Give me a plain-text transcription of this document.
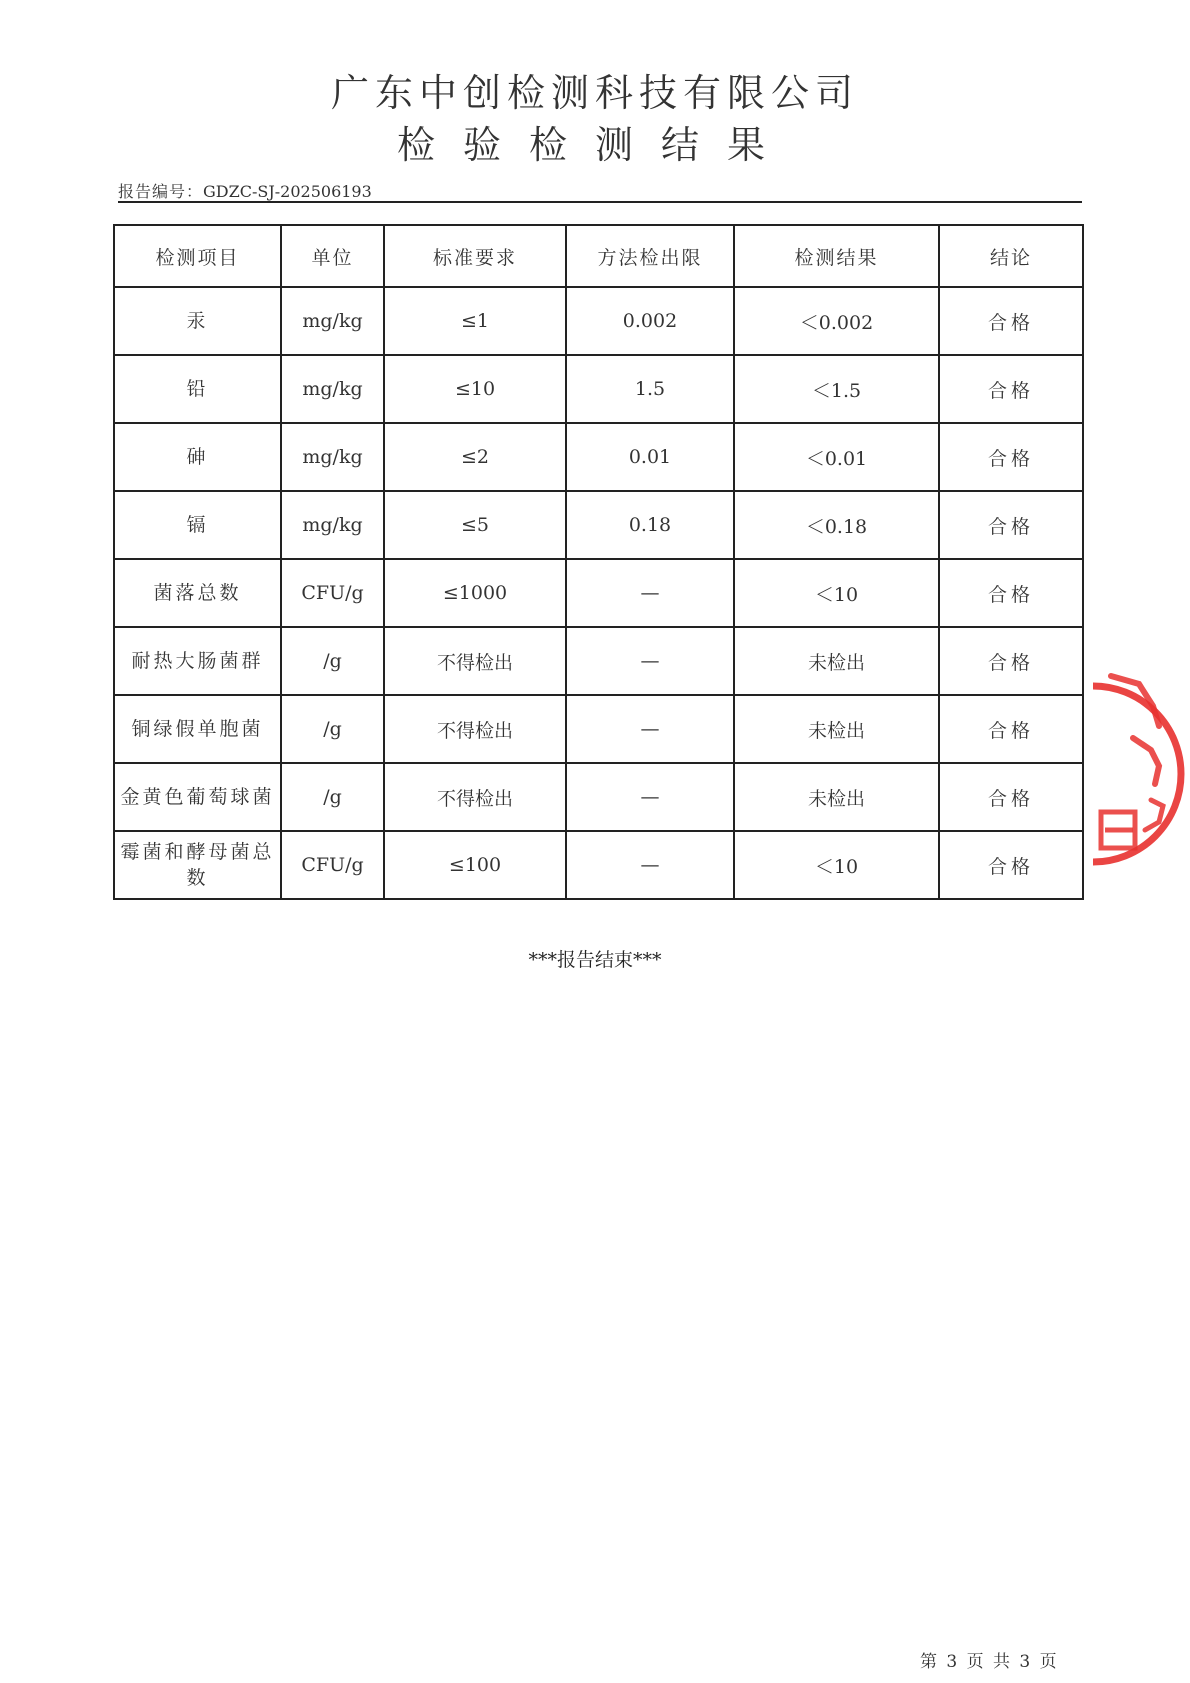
广东中创检测科技有限公司
检验检测结果
报告编号：GDZC-SJ-202506193
检测项目	单位	标准要求	方法检出限	检测结果	结论
汞	mg/kg	≤1	0.002	＜0.002	合格
铅	mg/kg	≤10	1.5	＜1.5	合格
砷	mg/kg	≤2	0.01	＜0.01	合格
镉	mg/kg	≤5	0.18	＜0.18	合格
菌落总数	CFU/g	≤1000	—	＜10	合格
耐热大肠菌群	/g	不得检出	—	未检出	合格
铜绿假单胞菌	/g	不得检出	—	未检出	合格
金黄色葡萄球菌	/g	不得检出	—	未检出	合格
霉菌和酵母菌总数	CFU/g	≤100	—	＜10	合格
***报告结束***
第 3 页 共 3 页
